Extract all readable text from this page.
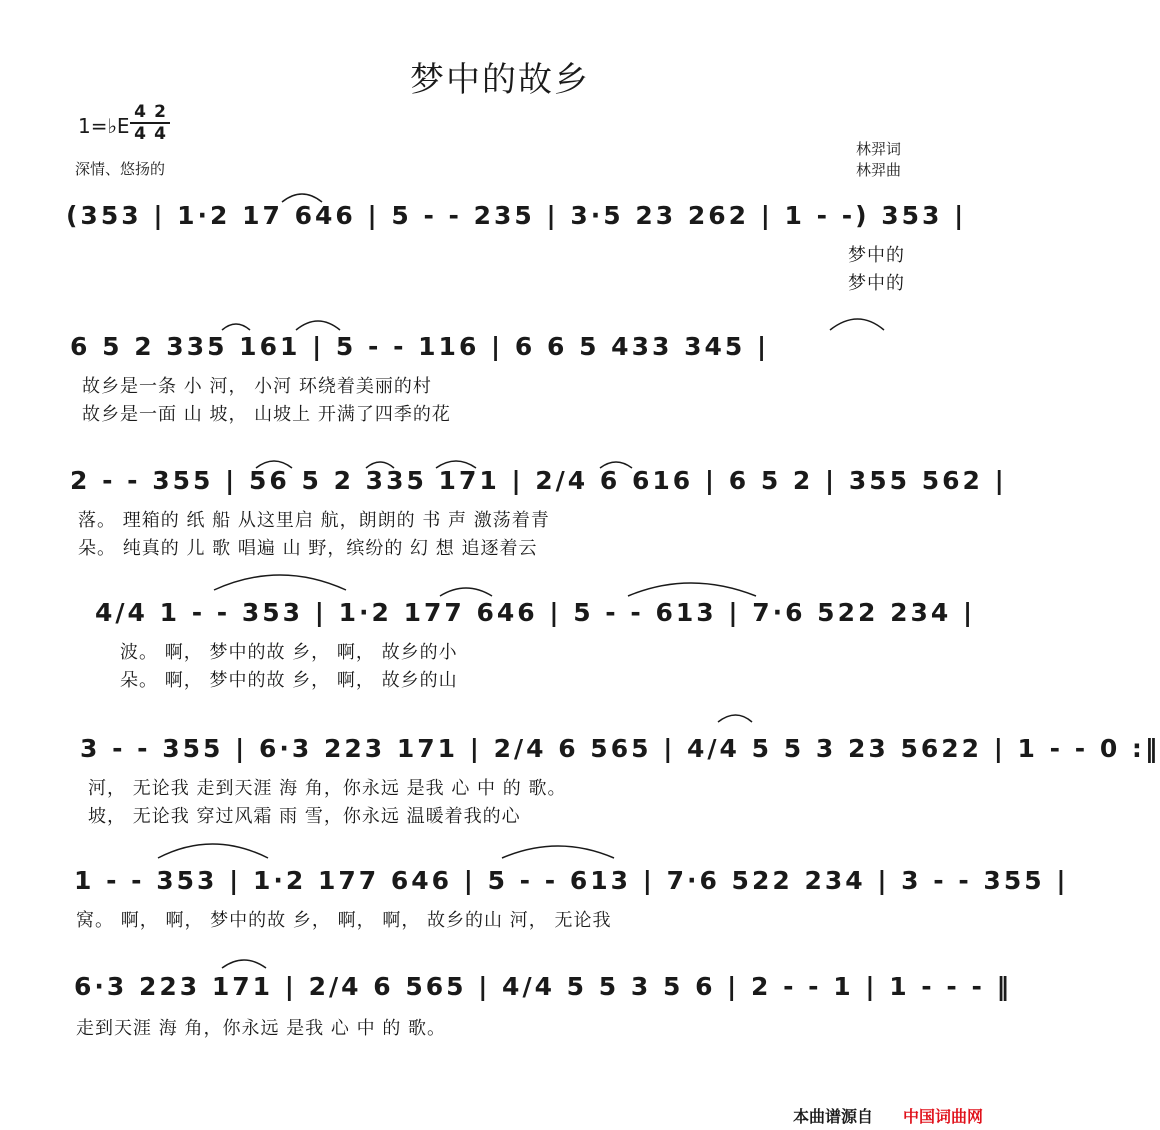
梦中的故乡
1=♭E
4 2
4 4
深情、悠扬的
林羿词
林羿曲
(353 | 1·2 17 646 | 5 - - 235 | 3·5 23 262 | 1 - -) 353 |
梦中的
梦中的
6 5 2 335 161 | 5 - - 116 | 6 6 5 433 345 |
故乡是一条 小 河， 小河 环绕着美丽的村
故乡是一面 山 坡， 山坡上 开满了四季的花
2 - - 355 | 56 5 2 335 171 | 2/4 6 616 | 6 5 2 | 355 562 |
落。 理箱的 纸 船 从这里启 航，朗朗的 书 声 激荡着青
朵。 纯真的 儿 歌 唱遍 山 野，缤纷的 幻 想 追逐着云
4/4 1 - - 353 | 1·2 177 646 | 5 - - 613 | 7·6 522 234 |
波。 啊， 梦中的故 乡， 啊， 故乡的小
朵。 啊， 梦中的故 乡， 啊， 故乡的山
3 - - 355 | 6·3 223 171 | 2/4 6 565 | 4/4 5 5 3 23 5622 | 1 - - 0 :‖
河， 无论我 走到天涯 海 角，你永远 是我 心 中 的 歌。
坡， 无论我 穿过风霜 雨 雪，你永远 温暖着我的心
1 - - 353 | 1·2 177 646 | 5 - - 613 | 7·6 522 234 | 3 - - 355 |
窝。 啊， 啊， 梦中的故 乡， 啊， 啊， 故乡的山 河， 无论我
6·3 223 171 | 2/4 6 565 | 4/4 5 5 3 5 6 | 2 - - 1 | 1 - - - ‖
走到天涯 海 角，你永远 是我 心 中 的 歌。
本曲谱源自 中国词曲网
